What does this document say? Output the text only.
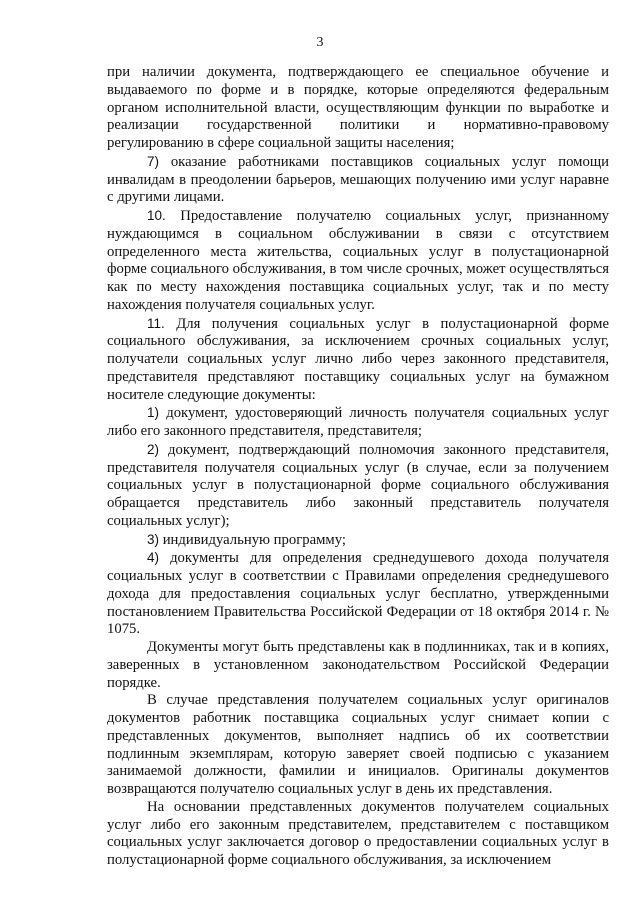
3

при наличии документа, подтверждающего ее специальное обучение и выдаваемого по форме и в порядке, которые определяются федеральным органом исполнительной власти, осуществляющим функции по выработке и реализации государственной политики и нормативно-правовому регулированию в сфере социальной защиты населения;

7) оказание работниками поставщиков социальных услуг помощи инвалидам в преодолении барьеров, мешающих получению ими услуг наравне с другими лицами.

10. Предоставление получателю социальных услуг, признанному нуждающимся в социальном обслуживании в связи с отсутствием определенного места жительства, социальных услуг в полустационарной форме социального обслуживания, в том числе срочных, может осуществляться как по месту нахождения поставщика социальных услуг, так и по месту нахождения получателя социальных услуг.

11. Для получения социальных услуг в полустационарной форме социального обслуживания, за исключением срочных социальных услуг, получатели социальных услуг лично либо через законного представителя, представителя представляют поставщику социальных услуг на бумажном носителе следующие документы:

1) документ, удостоверяющий личность получателя социальных услуг либо его законного представителя, представителя;

2) документ, подтверждающий полномочия законного представителя, представителя получателя социальных услуг (в случае, если за получением социальных услуг в полустационарной форме социального обслуживания обращается представитель либо законный представитель получателя социальных услуг);

3) индивидуальную программу;

4) документы для определения среднедушевого дохода получателя социальных услуг в соответствии с Правилами определения среднедушевого дохода для предоставления социальных услуг бесплатно, утвержденными постановлением Правительства Российской Федерации от 18 октября 2014 г. № 1075.

Документы могут быть представлены как в подлинниках, так и в копиях, заверенных в установленном законодательством Российской Федерации порядке.

В случае представления получателем социальных услуг оригиналов документов работник поставщика социальных услуг снимает копии с представленных документов, выполняет надпись об их соответствии подлинным экземплярам, которую заверяет своей подписью с указанием занимаемой должности, фамилии и инициалов. Оригиналы документов возвращаются получателю социальных услуг в день их представления.

На основании представленных документов получателем социальных услуг либо его законным представителем, представителем с поставщиком социальных услуг заключается договор о предоставлении социальных услуг в полустационарной форме социального обслуживания, за исключением
